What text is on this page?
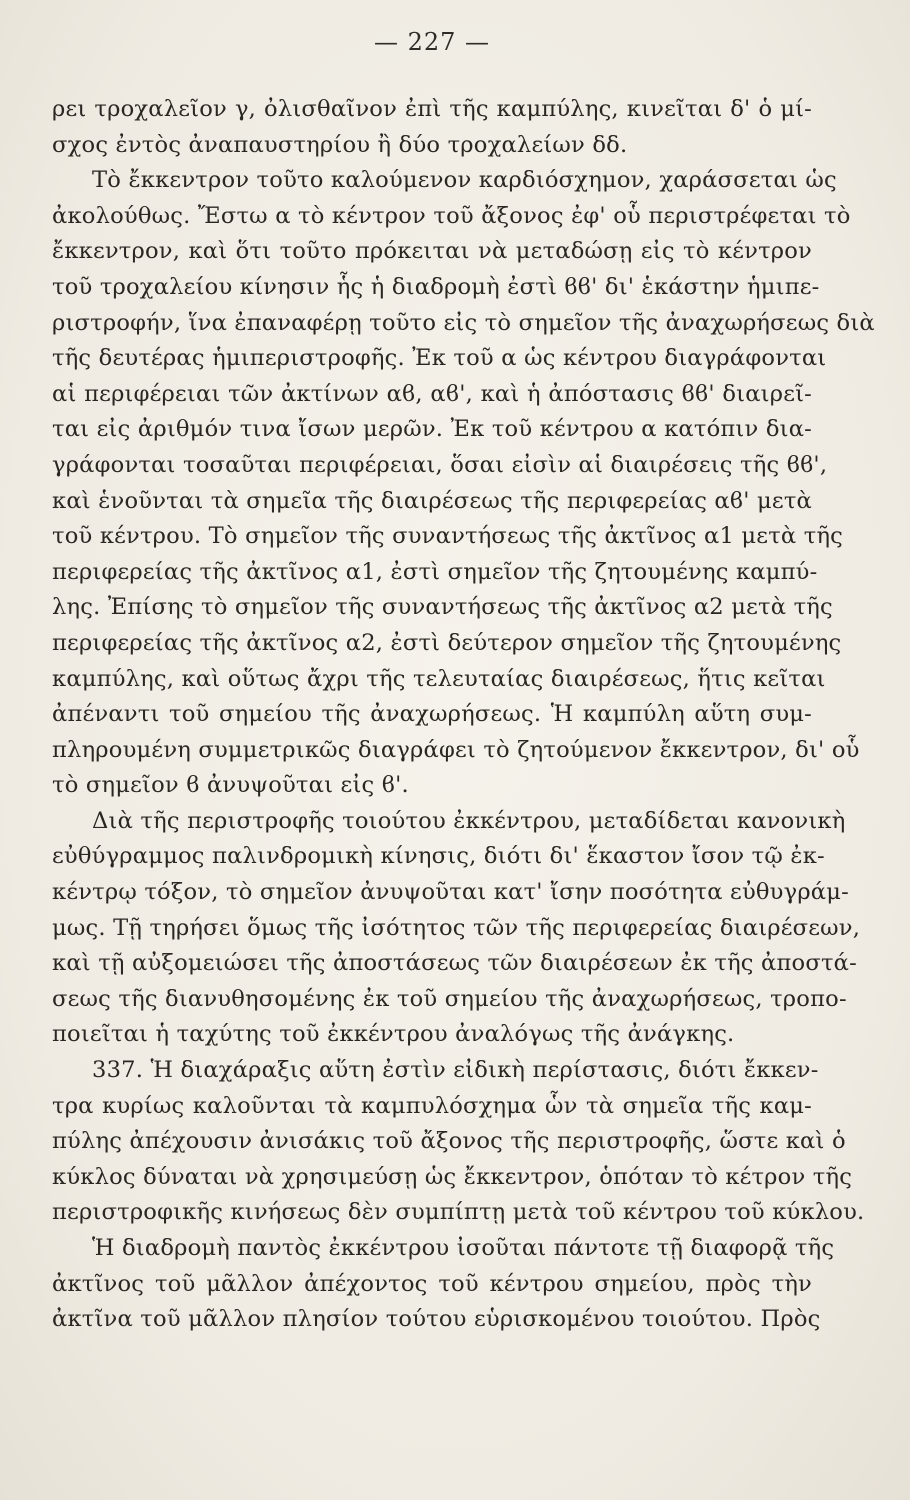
— 227 —
ρει τροχαλεῖον γ, ὀλισθαῖνον ἐπὶ τῆς καμπύλης, κινεῖται δ' ὁ μί-
σχος ἐντὸς ἀναπαυστηρίου ἢ δύο τροχαλείων δδ.
Τὸ ἔκκεντρον τοῦτο καλούμενον καρδιόσχημον, χαράσσεται ὡς
ἀκολούθως. Ἔστω α τὸ κέντρον τοῦ ἄξονος ἐφ' οὗ περιστρέφεται τὸ
ἔκκεντρον, καὶ ὅτι τοῦτο πρόκειται νὰ μεταδώσῃ εἰς τὸ κέντρον
τοῦ τροχαλείου κίνησιν ἧς ἡ διαδρομὴ ἐστὶ ϐϐ' δι' ἑκάστην ἡμιπε-
ριστροφήν, ἵνα ἐπαναφέρῃ τοῦτο εἰς τὸ σημεῖον τῆς ἀναχωρήσεως διὰ
τῆς δευτέρας ἡμιπεριστροφῆς. Ἐκ τοῦ α ὡς κέντρου διαγράφονται
αἱ περιφέρειαι τῶν ἀκτίνων αϐ, αϐ', καὶ ἡ ἀπόστασις ϐϐ' διαιρεῖ-
ται εἰς ἀριθμόν τινα ἴσων μερῶν. Ἐκ τοῦ κέντρου α κατόπιν δια-
γράφονται τοσαῦται περιφέρειαι, ὅσαι εἰσὶν αἱ διαιρέσεις τῆς ϐϐ',
καὶ ἑνοῦνται τὰ σημεῖα τῆς διαιρέσεως τῆς περιφερείας αϐ' μετὰ
τοῦ κέντρου. Τὸ σημεῖον τῆς συναντήσεως τῆς ἀκτῖνος α1 μετὰ τῆς
περιφερείας τῆς ἀκτῖνος α1, ἐστὶ σημεῖον τῆς ζητουμένης καμπύ-
λης. Ἐπίσης τὸ σημεῖον τῆς συναντήσεως τῆς ἀκτῖνος α2 μετὰ τῆς
περιφερείας τῆς ἀκτῖνος α2, ἐστὶ δεύτερον σημεῖον τῆς ζητουμένης
καμπύλης, καὶ οὕτως ἄχρι τῆς τελευταίας διαιρέσεως, ἥτις κεῖται
ἀπέναντι τοῦ σημείου τῆς ἀναχωρήσεως. Ἡ καμπύλη αὕτη συμ-
πληρουμένη συμμετρικῶς διαγράφει τὸ ζητούμενον ἔκκεντρον, δι' οὗ
τὸ σημεῖον ϐ ἀνυψοῦται εἰς ϐ'.
Διὰ τῆς περιστροφῆς τοιούτου ἐκκέντρου, μεταδίδεται κανονικὴ
εὐθύγραμμος παλινδρομικὴ κίνησις, διότι δι' ἕκαστον ἴσον τῷ ἐκ-
κέντρῳ τόξον, τὸ σημεῖον ἀνυψοῦται κατ' ἴσην ποσότητα εὐθυγράμ-
μως. Τῇ τηρήσει ὅμως τῆς ἰσότητος τῶν τῆς περιφερείας διαιρέσεων,
καὶ τῇ αὐξομειώσει τῆς ἀποστάσεως τῶν διαιρέσεων ἐκ τῆς ἀποστά-
σεως τῆς διανυθησομένης ἐκ τοῦ σημείου τῆς ἀναχωρήσεως, τροπο-
ποιεῖται ἡ ταχύτης τοῦ ἐκκέντρου ἀναλόγως τῆς ἀνάγκης.
337. Ἡ διαχάραξις αὕτη ἐστὶν εἰδικὴ περίστασις, διότι ἔκκεν-
τρα κυρίως καλοῦνται τὰ καμπυλόσχημα ὧν τὰ σημεῖα τῆς καμ-
πύλης ἀπέχουσιν ἀνισάκις τοῦ ἄξονος τῆς περιστροφῆς, ὥστε καὶ ὁ
κύκλος δύναται νὰ χρησιμεύσῃ ὡς ἔκκεντρον, ὁπόταν τὸ κέτρον τῆς
περιστροφικῆς κινήσεως δὲν συμπίπτῃ μετὰ τοῦ κέντρου τοῦ κύκλου.
Ἡ διαδρομὴ παντὸς ἐκκέντρου ἰσοῦται πάντοτε τῇ διαφορᾷ τῆς
ἀκτῖνος τοῦ μᾶλλον ἀπέχοντος τοῦ κέντρου σημείου, πρὸς τὴν
ἀκτῖνα τοῦ μᾶλλον πλησίον τούτου εὑρισκομένου τοιούτου. Πρὸς
